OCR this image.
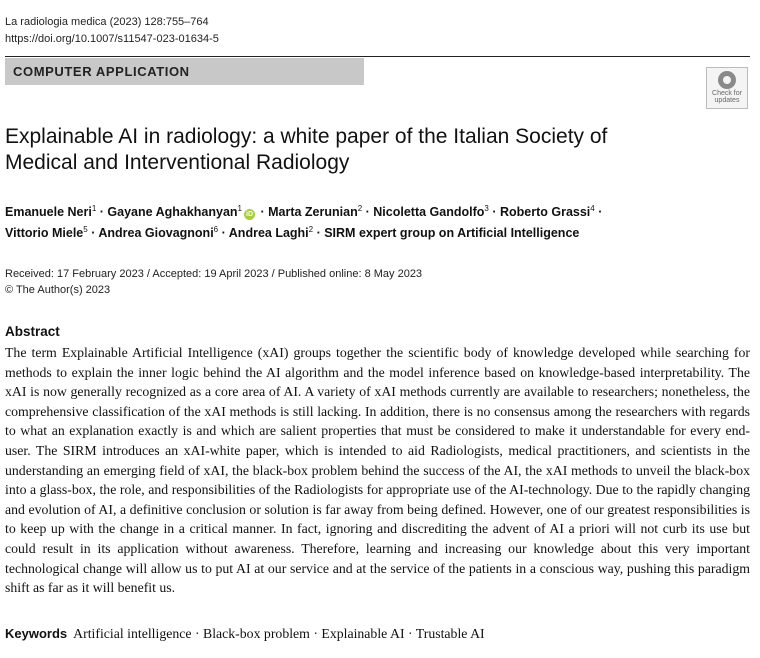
La radiologia medica (2023) 128:755–764
https://doi.org/10.1007/s11547-023-01634-5
COMPUTER APPLICATION
Check for
updates
Explainable AI in radiology: a white paper of the Italian Society of Medical and Interventional Radiology
Emanuele Neri$^1$ · Gayane Aghakhanyan$^1$iD · Marta Zerunian$^2$ · Nicoletta Gandolfo$^3$ · Roberto Grassi$^4$ ·
Vittorio Miele$^5$ · Andrea Giovagnoni$^6$ · Andrea Laghi$^2$ · SIRM expert group on Artificial Intelligence
Received: 17 February 2023 / Accepted: 19 April 2023 / Published online: 8 May 2023
© The Author(s) 2023
Abstract

The term Explainable Artificial Intelligence (xAI) groups together the scientific body of knowledge developed while searching for methods to explain the inner logic behind the AI algorithm and the model inference based on knowledge-based interpretability. The xAI is now generally recognized as a core area of AI. A variety of xAI methods currently are available to researchers; nonetheless, the comprehensive classification of the xAI methods is still lacking. In addition, there is no consensus among the researchers with regards to what an explanation exactly is and which are salient properties that must be considered to make it understandable for every end-user. The SIRM introduces an xAI-white paper, which is intended to aid Radiologists, medical practitioners, and scientists in the understanding an emerging field of xAI, the black-box problem behind the success of the AI, the xAI methods to unveil the black-box into a glass-box, the role, and responsibilities of the Radiologists for appropriate use of the AI-technology. Due to the rapidly changing and evolution of AI, a definitive conclusion or solution is far away from being defined. However, one of our greatest responsibilities is to keep up with the change in a critical manner. In fact, ignoring and discrediting the advent of AI a priori will not curb its use but could result in its application without awareness. Therefore, learning and increasing our knowledge about this very important technological change will allow us to put AI at our service and at the service of the patients in a conscious way, pushing this paradigm shift as far as it will benefit us.

Keywords Artificial intelligence · Black-box problem · Explainable AI · Trustable AI
